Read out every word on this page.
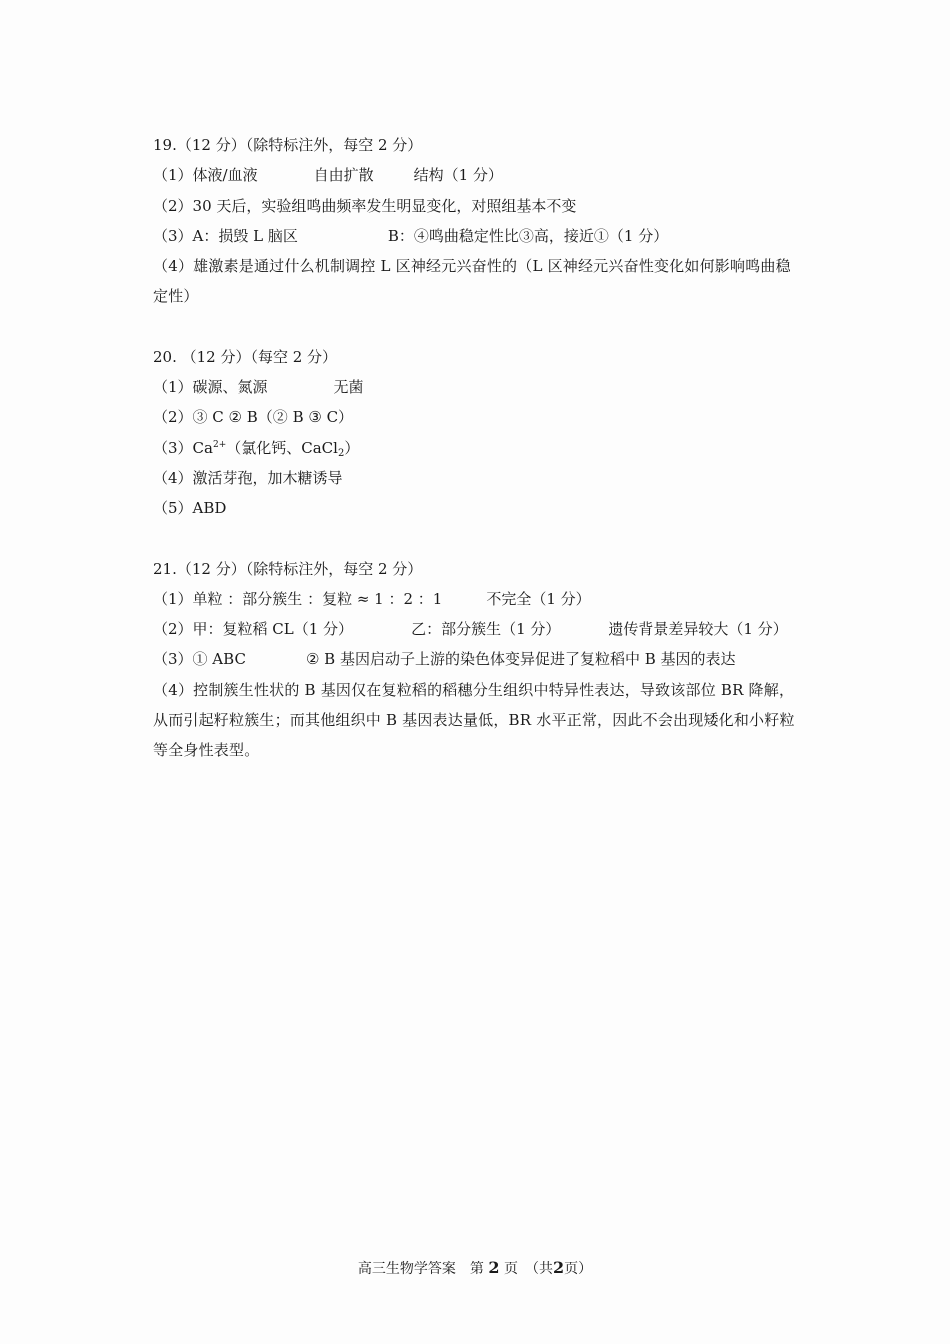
19.（12 分）（除特标注外，每空 2 分）
（1）体液/血液	自由扩散	结构（1 分）
（2）30 天后，实验组鸣曲频率发生明显变化，对照组基本不变
（3）A：损毁 L 脑区	B：④鸣曲稳定性比③高，接近①（1 分）
（4）雄激素是通过什么机制调控 L 区神经元兴奋性的（L 区神经元兴奋性变化如何影响鸣曲稳定性）
20. （12 分）（每空 2 分）
（1）碳源、氮源	无菌
（2）③ C ② B（② B ③ C）
$(3)Ca^{2+}$（氯化钙、CaCl$_2$）
（4）激活芽孢，加木糖诱导
（5）ABD
21.（12 分）（除特标注外，每空 2 分）
（1）单粒 ：部分簇生 ：复粒 ≈ 1 ：2 ：1	不完全（1 分）
（2）甲：复粒稻 CL（1 分）	乙：部分簇生（1 分）	遗传背景差异较大（1 分）
（3）① ABC	② B 基因启动子上游的染色体变异促进了复粒稻中 B 基因的表达
（4）控制簇生性状的 B 基因仅在复粒稻的稻穗分生组织中特异性表达，导致该部位 BR 降解，从而引起籽粒簇生；而其他组织中 B 基因表达量低，BR 水平正常，因此不会出现矮化和小籽粒等全身性表型。
高三生物学答案　第 2 页　（共2页）
